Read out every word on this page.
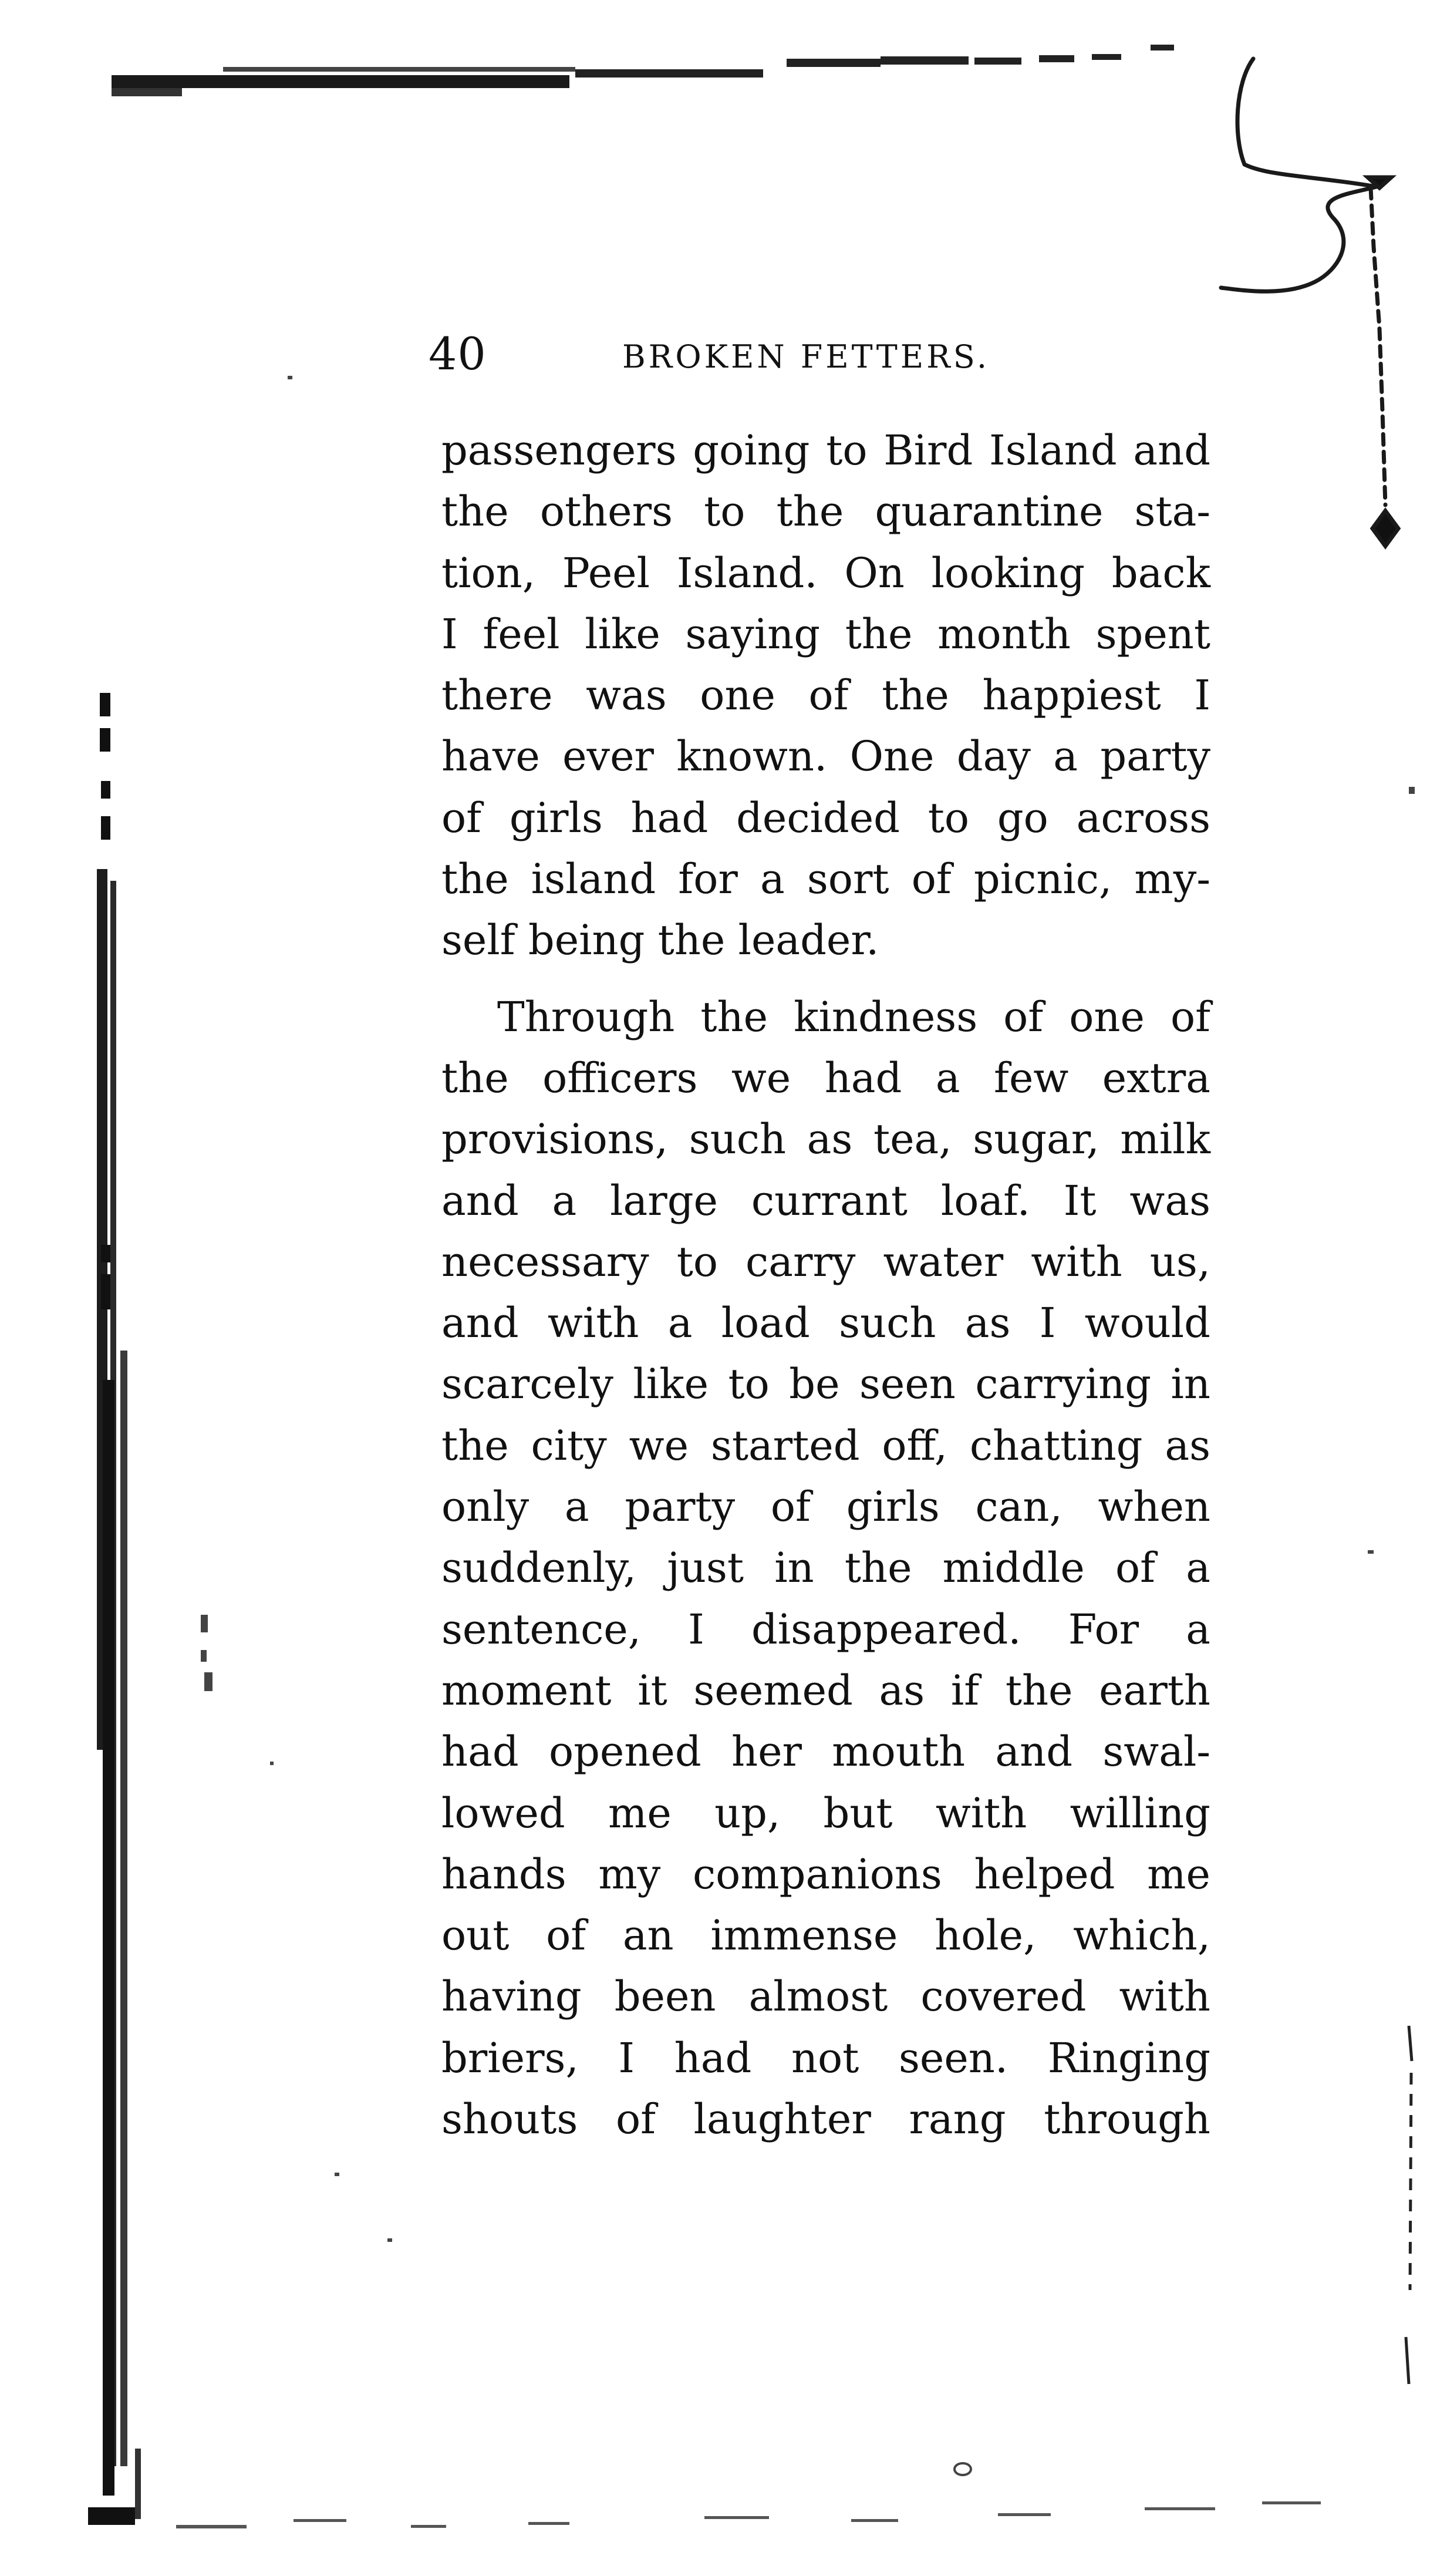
40	BROKEN FETTERS.
passengers going to Bird Island and
the others to the quarantine sta-
tion, Peel Island. On looking back
I feel like saying the month spent
there was one of the happiest I
have ever known. One day a party
of girls had decided to go across
the island for a sort of picnic, my-
self being the leader.
Through the kindness of one of
the officers we had a few extra
provisions, such as tea, sugar, milk
and a large currant loaf. It was
necessary to carry water with us,
and with a load such as I would
scarcely like to be seen carrying in
the city we started off, chatting as
only a party of girls can, when
suddenly, just in the middle of a
sentence, I disappeared. For a
moment it seemed as if the earth
had opened her mouth and swal-
lowed me up, but with willing
hands my companions helped me
out of an immense hole, which,
having been almost covered with
briers, I had not seen. Ringing
shouts of laughter rang through
